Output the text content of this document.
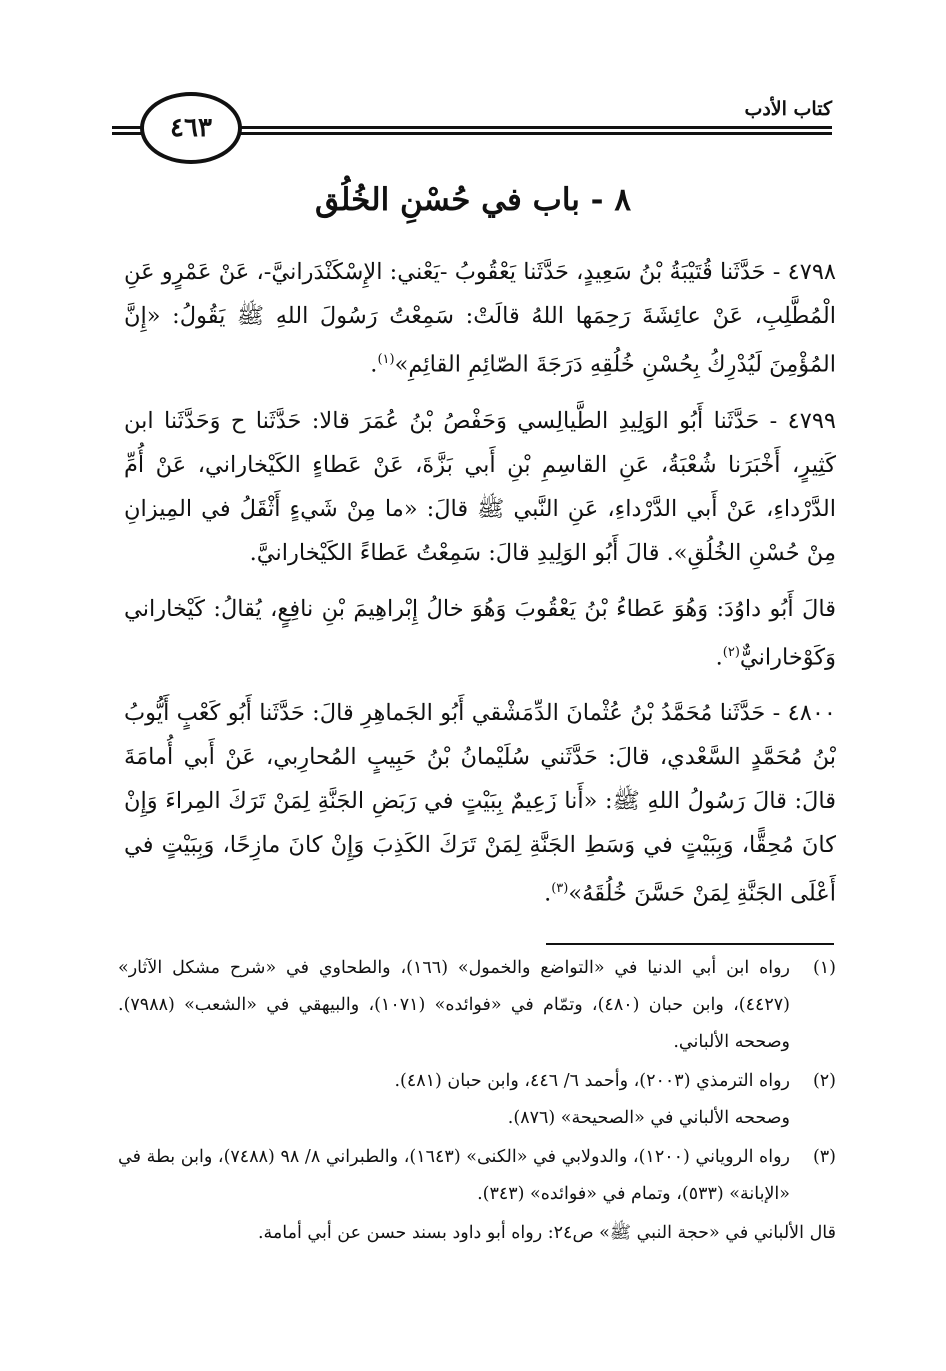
٤٦٣
كتاب الأدب
٨ - باب في حُسْنِ الخُلُق

٤٧٩٨ - حَدَّثَنا قُتَيْبَةُ بْنُ سَعِيدٍ، حَدَّثَنا يَعْقُوبُ -يَعْني: الإِسْكَنْدَرانيَّ-، عَنْ عَمْرٍو عَنِ الْمُطَّلِبِ، عَنْ عائِشَةَ رَحِمَها اللهُ قالَتْ: سَمِعْتُ رَسُولَ اللهِ ﷺ يَقُولُ: «إِنَّ المُؤْمِنَ لَيُدْرِكُ بِحُسْنِ خُلُقِهِ دَرَجَةَ الصّائِمِ القائِمِ»$^{(١)}$.

٤٧٩٩ - حَدَّثَنا أَبُو الوَلِيدِ الطَّيالِسي وَحَفْصُ بْنُ عُمَرَ قالا: حَدَّثَنا ح وَحَدَّثَنا ابن كَثِيرٍ، أَخْبَرَنا شُعْبَةُ، عَنِ القاسِمِ بْنِ أَبي بَزَّةَ، عَنْ عَطاءٍ الكَيْخاراني، عَنْ أُمِّ الدَّرْداءِ، عَنْ أَبي الدَّرْداءِ، عَنِ النَّبي ﷺ قالَ: «ما مِنْ شَيءٍ أَثْقَلُ في المِيزانِ مِنْ حُسْنِ الخُلُقِ». قالَ أَبُو الوَلِيدِ قالَ: سَمِعْتُ عَطاءً الكَيْخارانيَّ.

قالَ أَبُو داوُدَ: وَهُوَ عَطاءُ بْنُ يَعْقُوبَ وَهُوَ خالُ إِبْراهِيمَ بْنِ نافِعٍ، يُقالُ: كَيْخاراني وَكَوْخارانيٌّ$^{(٢)}$.

٤٨٠٠ - حَدَّثَنا مُحَمَّدُ بْنُ عُثْمانَ الدِّمَشْقي أَبُو الجَماهِرِ قالَ: حَدَّثَنا أَبُو كَعْبٍ أَيُّوبُ بْنُ مُحَمَّدٍ السَّعْدي، قالَ: حَدَّثَني سُلَيْمانُ بْنُ حَبِيبٍ المُحارِبي، عَنْ أَبي أُمامَةَ قالَ: قالَ رَسُولُ اللهِ ﷺ: «أَنا زَعِيمٌ بِبَيْتٍ في رَبَضِ الجَنَّةِ لِمَنْ تَرَكَ المِراءَ وَإِنْ كانَ مُحِقًّا، وَبِبَيْتٍ في وَسَطِ الجَنَّةِ لِمَنْ تَرَكَ الكَذِبَ وَإِنْ كانَ مازِحًا، وَبِبَيْتٍ في أَعْلَى الجَنَّةِ لِمَنْ حَسَّنَ خُلُقَهُ»$^{(٣)}$.

(١)
رواه ابن أبي الدنيا في «التواضع والخمول» (١٦٦)، والطحاوي في «شرح مشكل الآثار» (٤٤٢٧)، وابن حبان (٤٨٠)، وتمّام في «فوائده» (١٠٧١)، والبيهقي في «الشعب» (٧٩٨٨). وصححه الألباني.
(٢)
رواه الترمذي (٢٠٠٣)، وأحمد ٦/ ٤٤٦، وابن حبان (٤٨١).
وصححه الألباني في «الصحيحة» (٨٧٦).
(٣)
رواه الروياني (١٢٠٠)، والدولابي في «الكنى» (١٦٤٣)، والطبراني ٨/ ٩٨ (٧٤٨٨)، وابن بطة في «الإبانة» (٥٣٣)، وتمام في «فوائده» (٣٤٣).
قال الألباني في «حجة النبي ﷺ» ص٢٤: رواه أبو داود بسند حسن عن أبي أمامة.
